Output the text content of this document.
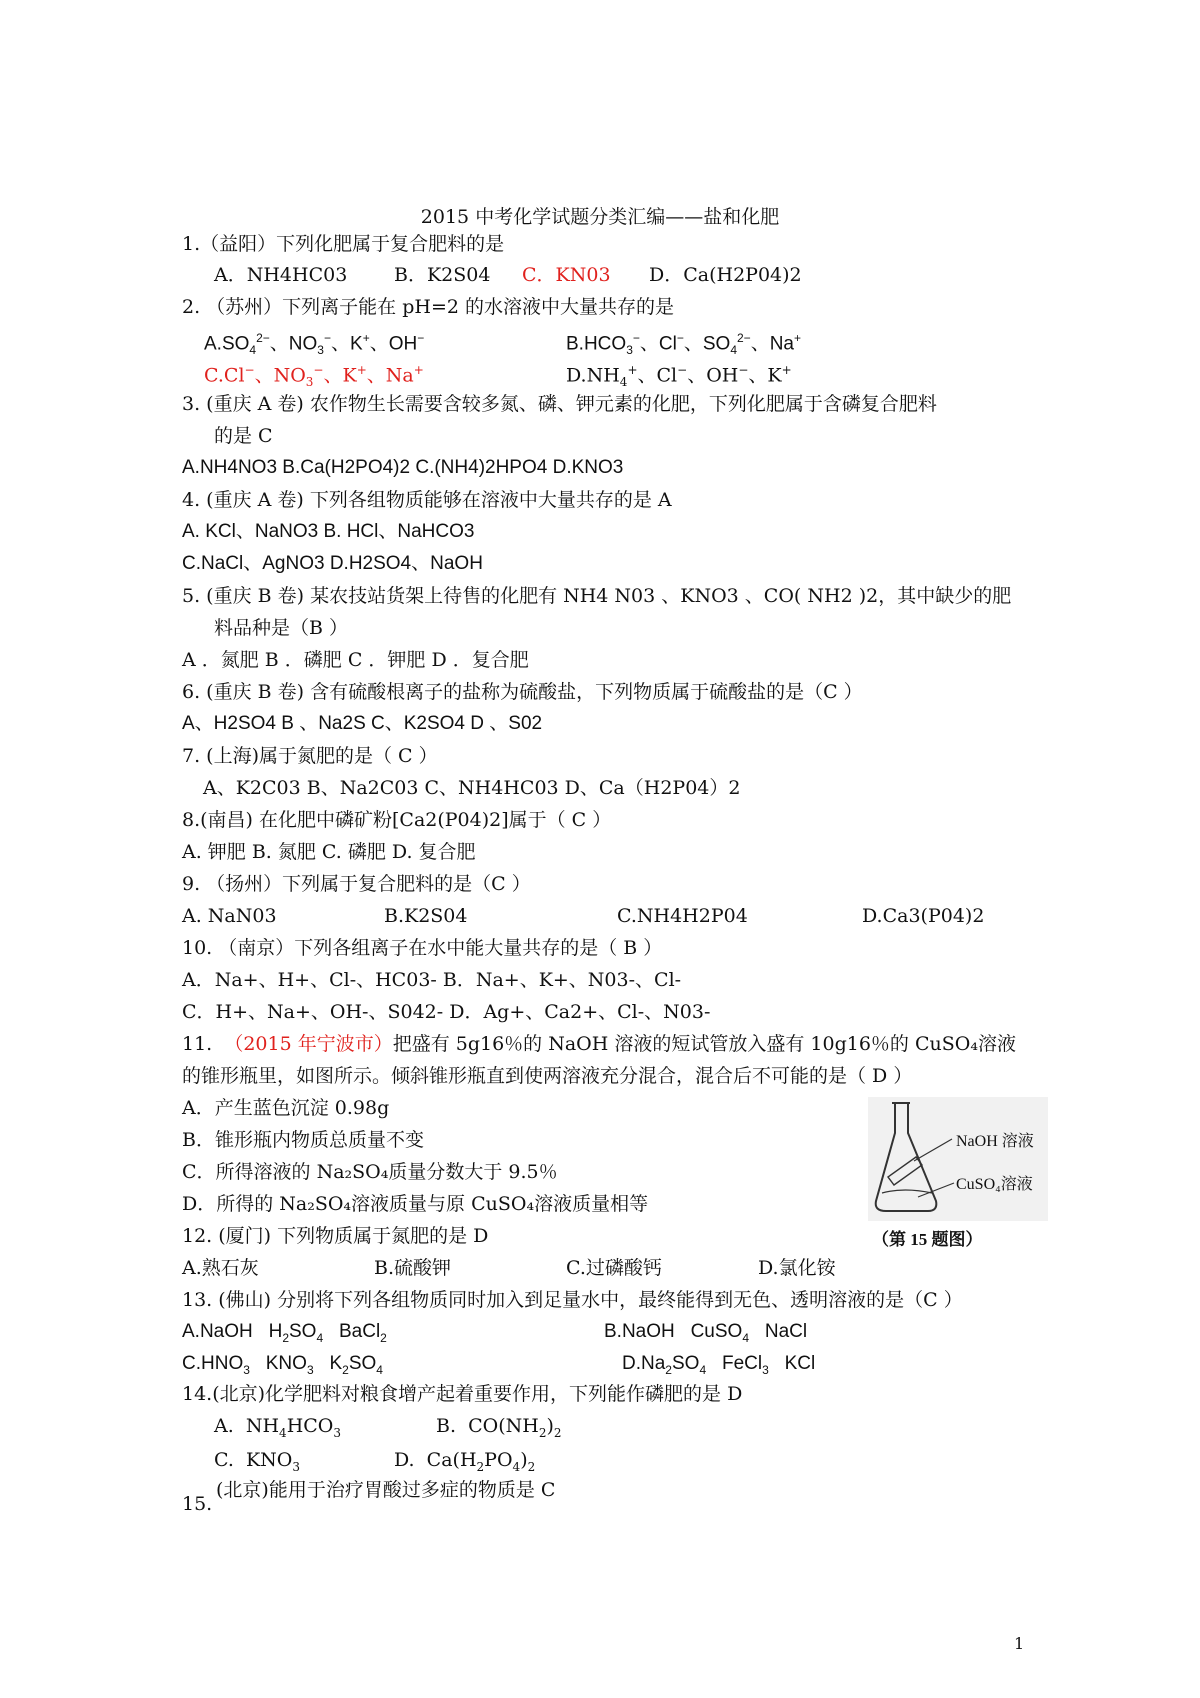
2015 中考化学试题分类汇编——盐和化肥
1.（益阳）下列化肥属于复合肥料的是
A．NH4HC03 B．K2S04 C．KN03 D．Ca(H2P04)2
2. （苏州）下列离子能在 pH=2 的水溶液中大量共存的是
$A.SO_4^{2-}$、$NO_3^-$、K+、OH−	$B.HCO_3^-$、Cl−、$SO_4^{2-}$、Na+
C.Cl−、$NO_3^-$、K+、Na+	$D.NH_4^+$、Cl−、OH−、K+
3. (重庆 A 卷) 农作物生长需要含较多氮、磷、钾元素的化肥，下列化肥属于含磷复合肥料
的是 C
A.NH4NO3 B.Ca(H2PO4)2 C.(NH4)2HPO4 D.KNO3
4. (重庆 A 卷) 下列各组物质能够在溶液中大量共存的是 A
A. KCl、NaNO3 B. HCl、NaHCO3
C.NaCl、AgNO3 D.H2SO4、NaOH
5. (重庆 B 卷) 某农技站货架上待售的化肥有 NH4 N03 、KNO3 、CO( NH2 )2，其中缺少的肥
料品种是（B ）
A ．氮肥 B ．磷肥 C ．钾肥 D ．复合肥
6. (重庆 B 卷) 含有硫酸根离子的盐称为硫酸盐，下列物质属于硫酸盐的是（C ）
A、H2SO4 B 、Na2S C、K2SO4 D 、S02
7. (上海)属于氮肥的是（ C ）
A、K2C03 B、Na2C03 C、NH4HC03 D、Ca（H2P04）2
8.(南昌) 在化肥中磷矿粉[Ca2(P04)2]属于（ C ）
A. 钾肥 B. 氮肥 C. 磷肥 D. 复合肥
9. （扬州）下列属于复合肥料的是（C ）
A. NaN03	B.K2S04	C.NH4H2P04	D.Ca3(P04)2
10. （南京）下列各组离子在水中能大量共存的是（ B ）
A．Na+、H+、Cl-、HC03- B．Na+、K+、N03-、Cl-
C．H+、Na+、OH-、S042- D．Ag+、Ca2+、Cl-、N03-
11. （2015 年宁波市）把盛有 5g16％的 NaOH 溶液的短试管放入盛有 10g16％的 CuSO₄溶液
的锥形瓶里，如图所示。倾斜锥形瓶直到使两溶液充分混合，混合后不可能的是（ D ）
A．产生蓝色沉淀 0.98g
B．锥形瓶内物质总质量不变
C．所得溶液的 Na₂SO₄质量分数大于 9.5％
D．所得的 Na₂SO₄溶液质量与原 CuSO₄溶液质量相等
NaOH 溶液
CuSO₄溶液
（第 15 题图）
12. (厦门) 下列物质属于氮肥的是 D
A.熟石灰	B.硫酸钾	C.过磷酸钙	D.氯化铵
13. (佛山) 分别将下列各组物质同时加入到足量水中，最终能得到无色、透明溶液的是（C ）
A.NaOH   $H_2SO_4$   BaCl$_2$	B.NaOH   CuSO$_4$   NaCl
$C.HNO_3$   $KNO_3$   $K_2SO_4$	$D.Na_2SO_4$   FeCl$_3$   KCl
14.(北京)化学肥料对粮食增产起着重要作用，下列能作磷肥的是 D
A.  $NH_4HCO_3$	B.  $CO(NH_2)_2$
C.  $KNO_3$	D.  $Ca(H_2PO_4)_2$
15.
(北京)能用于治疗胃酸过多症的物质是 C
1
